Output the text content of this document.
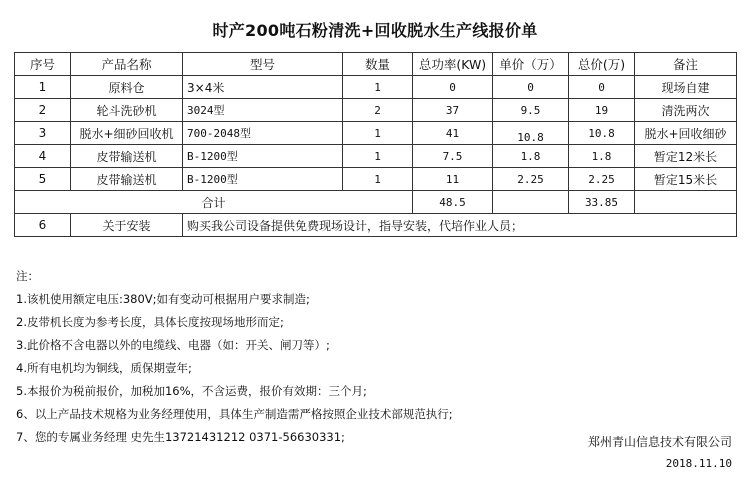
时产200吨石粉清洗+回收脱水生产线报价单
序号	产品名称	型号	数量	总功率(KW)	单价（万）	总价(万)	备注
1	原料仓	3×4米	1	0	0	0	现场自建
2	轮斗洗砂机	3024型	2	37	9.5	19	清洗两次
3	脱水+细砂回收机	700-2048型	1	41	10.8	10.8	脱水+回收细砂
4	皮带输送机	B-1200型	1	7.5	1.8	1.8	暂定12米长
5	皮带输送机	B-1200型	1	11	2.25	2.25	暂定15米长
合计				48.5		33.85	
6	关于安装	购买我公司设备提供免费现场设计，指导安装，代培作业人员；					
注：
1.该机使用额定电压:380V;如有变动可根据用户要求制造;
2.皮带机长度为参考长度，具体长度按现场地形而定;
3.此价格不含电器以外的电缆线、电器（如：开关、闸刀等）;
4.所有电机均为铜线，质保期壹年;
5.本报价为税前报价，加税加16%，不含运费，报价有效期：三个月;
6、以上产品技术规格为业务经理使用，具体生产制造需严格按照企业技术部规范执行;
7、您的专属业务经理 史先生13721431212 0371-56630331;	郑州青山信息技术有限公司
2018.11.10
